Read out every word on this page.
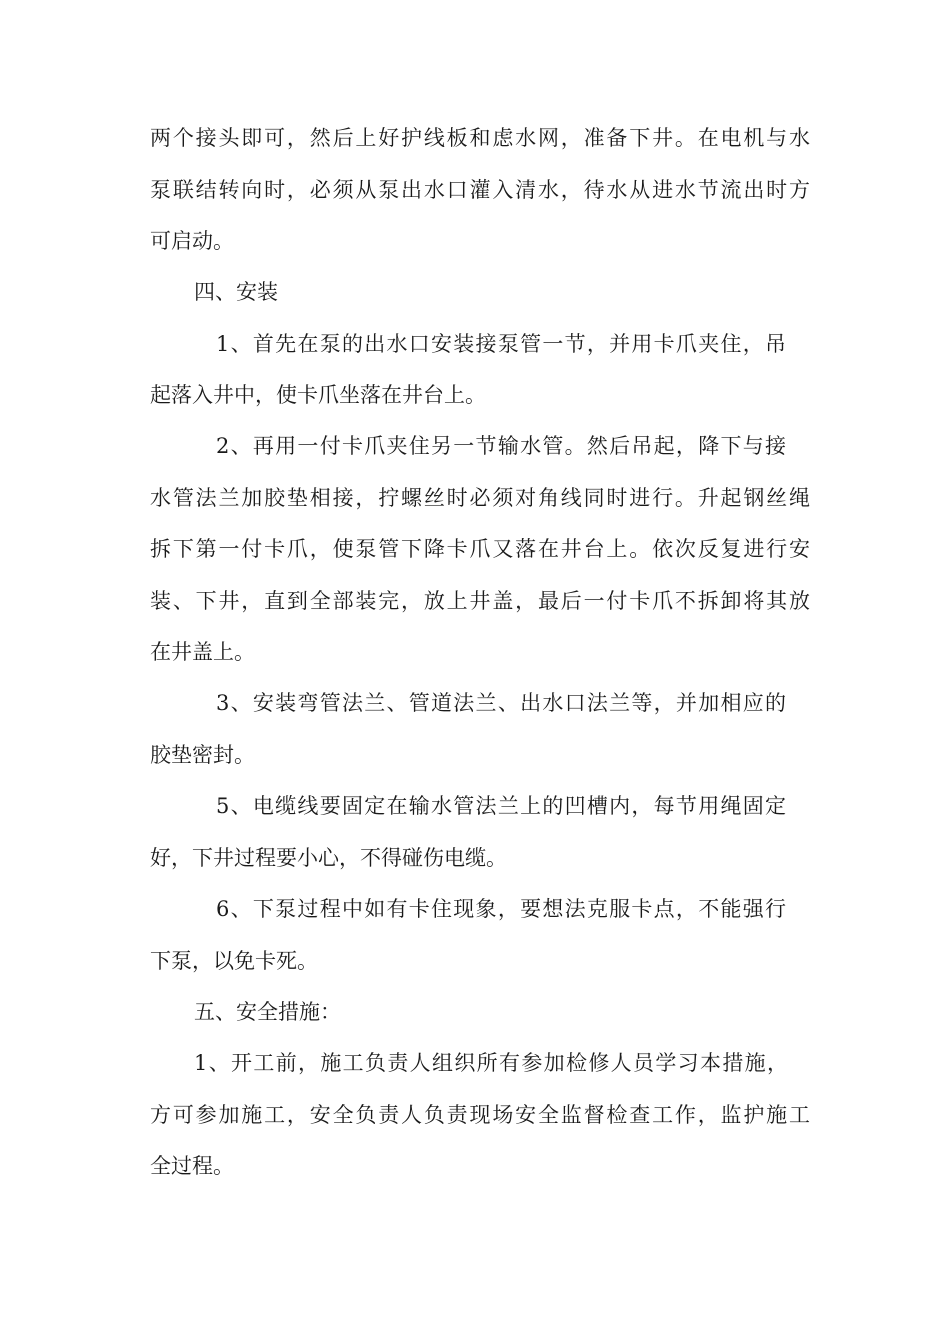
两个接头即可，然后上好护线板和虑水网，准备下井。在电机与水
泵联结转向时，必须从泵出水口灌入清水，待水从进水节流出时方
可启动。
四、安装
1、首先在泵的出水口安装接泵管一节，并用卡爪夹住，吊
起落入井中，使卡爪坐落在井台上。
2、再用一付卡爪夹住另一节输水管。然后吊起，降下与接
水管法兰加胶垫相接，拧螺丝时必须对角线同时进行。升起钢丝绳
拆下第一付卡爪，使泵管下降卡爪又落在井台上。依次反复进行安
装、下井，直到全部装完，放上井盖，最后一付卡爪不拆卸将其放
在井盖上。
3、安装弯管法兰、管道法兰、出水口法兰等，并加相应的
胶垫密封。
5、电缆线要固定在输水管法兰上的凹槽内，每节用绳固定
好，下井过程要小心，不得碰伤电缆。
6、下泵过程中如有卡住现象，要想法克服卡点，不能强行
下泵，以免卡死。
五、安全措施：
1、开工前，施工负责人组织所有参加检修人员学习本措施，
方可参加施工，安全负责人负责现场安全监督检查工作，监护施工
全过程。
